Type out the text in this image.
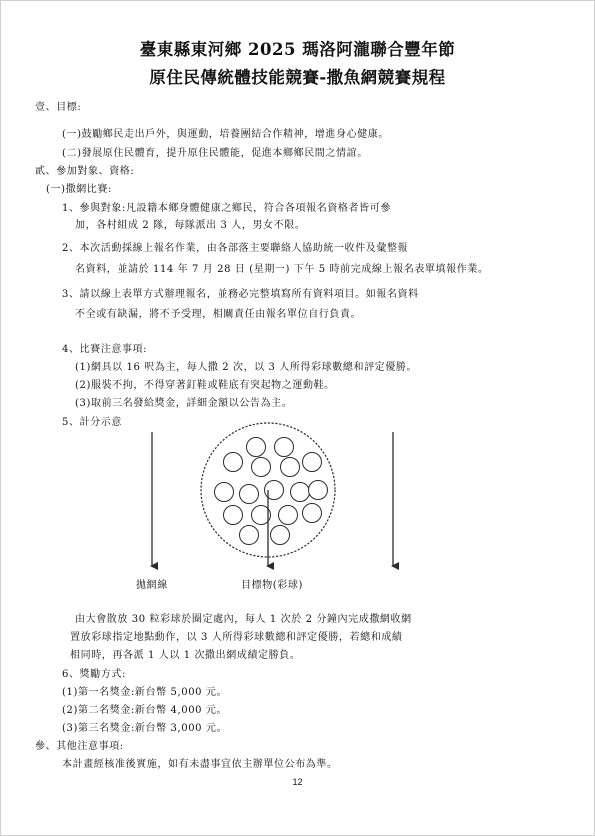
臺東縣東河鄉 2025 瑪洛阿瀧聯合豐年節
原住民傳統體技能競賽-撒魚網競賽規程
壹、目標:
(一)鼓勵鄉民走出戶外，與運動，培養團結合作精神，增進身心健康。
(二)發展原住民體育，提升原住民體能，促進本鄉鄉民間之情誼。
貳、參加對象、資格:
(一)撒網比賽:
1、參與對象:凡設籍本鄉身體健康之鄉民，符合各項報名資格者皆可參
加，各村組成 2 隊，每隊派出 3 人，男女不限。
2、本次活動採線上報名作業，由各部落主要聯絡人協助統一收件及彙整報
名資料，並請於 114 年 7 月 28 日 (星期一) 下午 5 時前完成線上報名表單填報作業。
3、請以線上表單方式辦理報名，並務必完整填寫所有資料項目。如報名資料
不全或有缺漏，將不予受理，相關責任由報名單位自行負責。
4、比賽注意事項:
(1)網具以 16 呎為主，每人撒 2 次，以 3 人所得彩球數總和評定優勝。
(2)服裝不拘，不得穿著釘鞋或鞋底有突起物之運動鞋。
(3)取前三名發給獎金，詳細金額以公告為主。
5、計分示意
拋網線	目標物(彩球)
由大會散放 30 粒彩球於圈定處內，每人 1 次於 2 分鐘內完成撒網收網
置放彩球指定地點動作，以 3 人所得彩球數總和評定優勝，若總和成績
相同時，再各派 1 人以 1 次撒出網成績定勝負。
6、獎勵方式:
(1)第一名獎金:新台幣 5,000 元。
(2)第二名獎金:新台幣 4,000 元。
(3)第三名獎金:新台幣 3,000 元。
參、其他注意事項:
本計畫經核准後實施，如有未盡事宜依主辦單位公布為準。
12
